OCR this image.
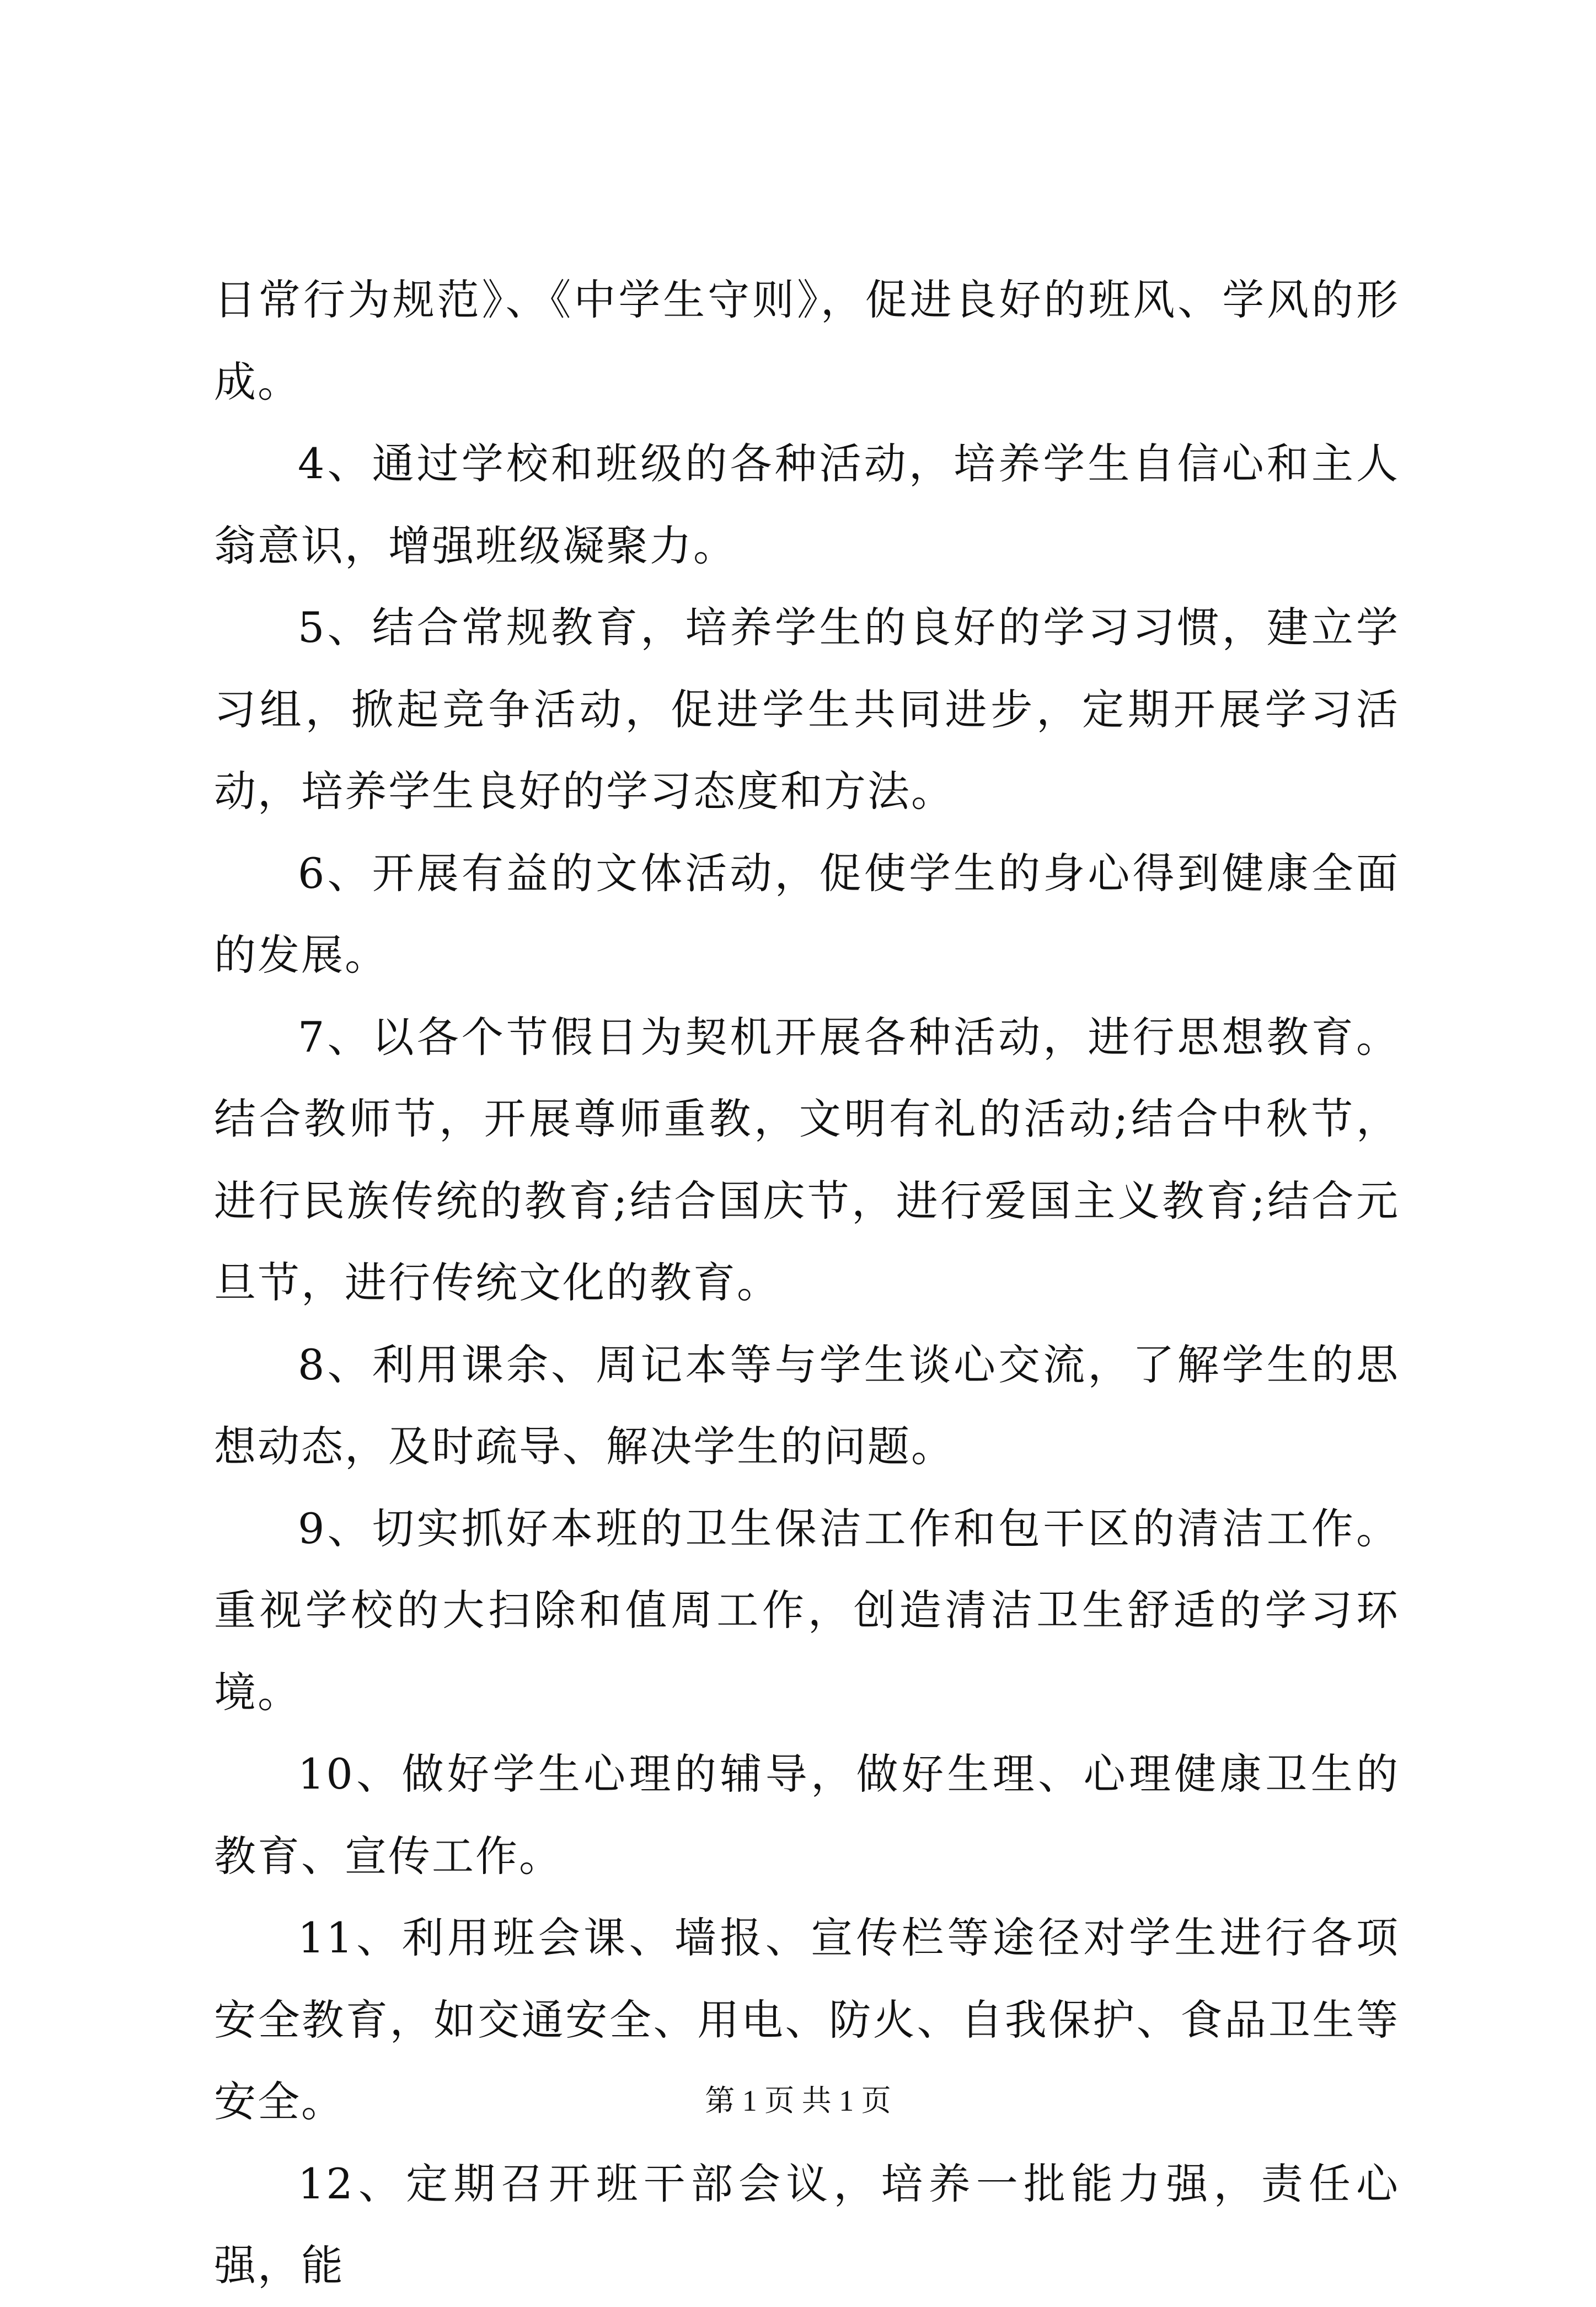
日常行为规范》、《中学生守则》，促进良好的班风、学风的形成。

4、通过学校和班级的各种活动，培养学生自信心和主人翁意识，增强班级凝聚力。

5、结合常规教育，培养学生的良好的学习习惯，建立学习组，掀起竞争活动，促进学生共同进步，定期开展学习活动，培养学生良好的学习态度和方法。

6、开展有益的文体活动，促使学生的身心得到健康全面的发展。

7、以各个节假日为契机开展各种活动，进行思想教育。结合教师节，开展尊师重教，文明有礼的活动;结合中秋节，进行民族传统的教育;结合国庆节，进行爱国主义教育;结合元旦节，进行传统文化的教育。

8、利用课余、周记本等与学生谈心交流，了解学生的思想动态，及时疏导、解决学生的问题。

9、切实抓好本班的卫生保洁工作和包干区的清洁工作。重视学校的大扫除和值周工作，创造清洁卫生舒适的学习环境。

10、做好学生心理的辅导，做好生理、心理健康卫生的教育、宣传工作。

11、利用班会课、墙报、宣传栏等途径对学生进行各项安全教育，如交通安全、用电、防火、自我保护、食品卫生等安全。

12、定期召开班干部会议，培养一批能力强，责任心强，能

第 1 页 共 1 页
